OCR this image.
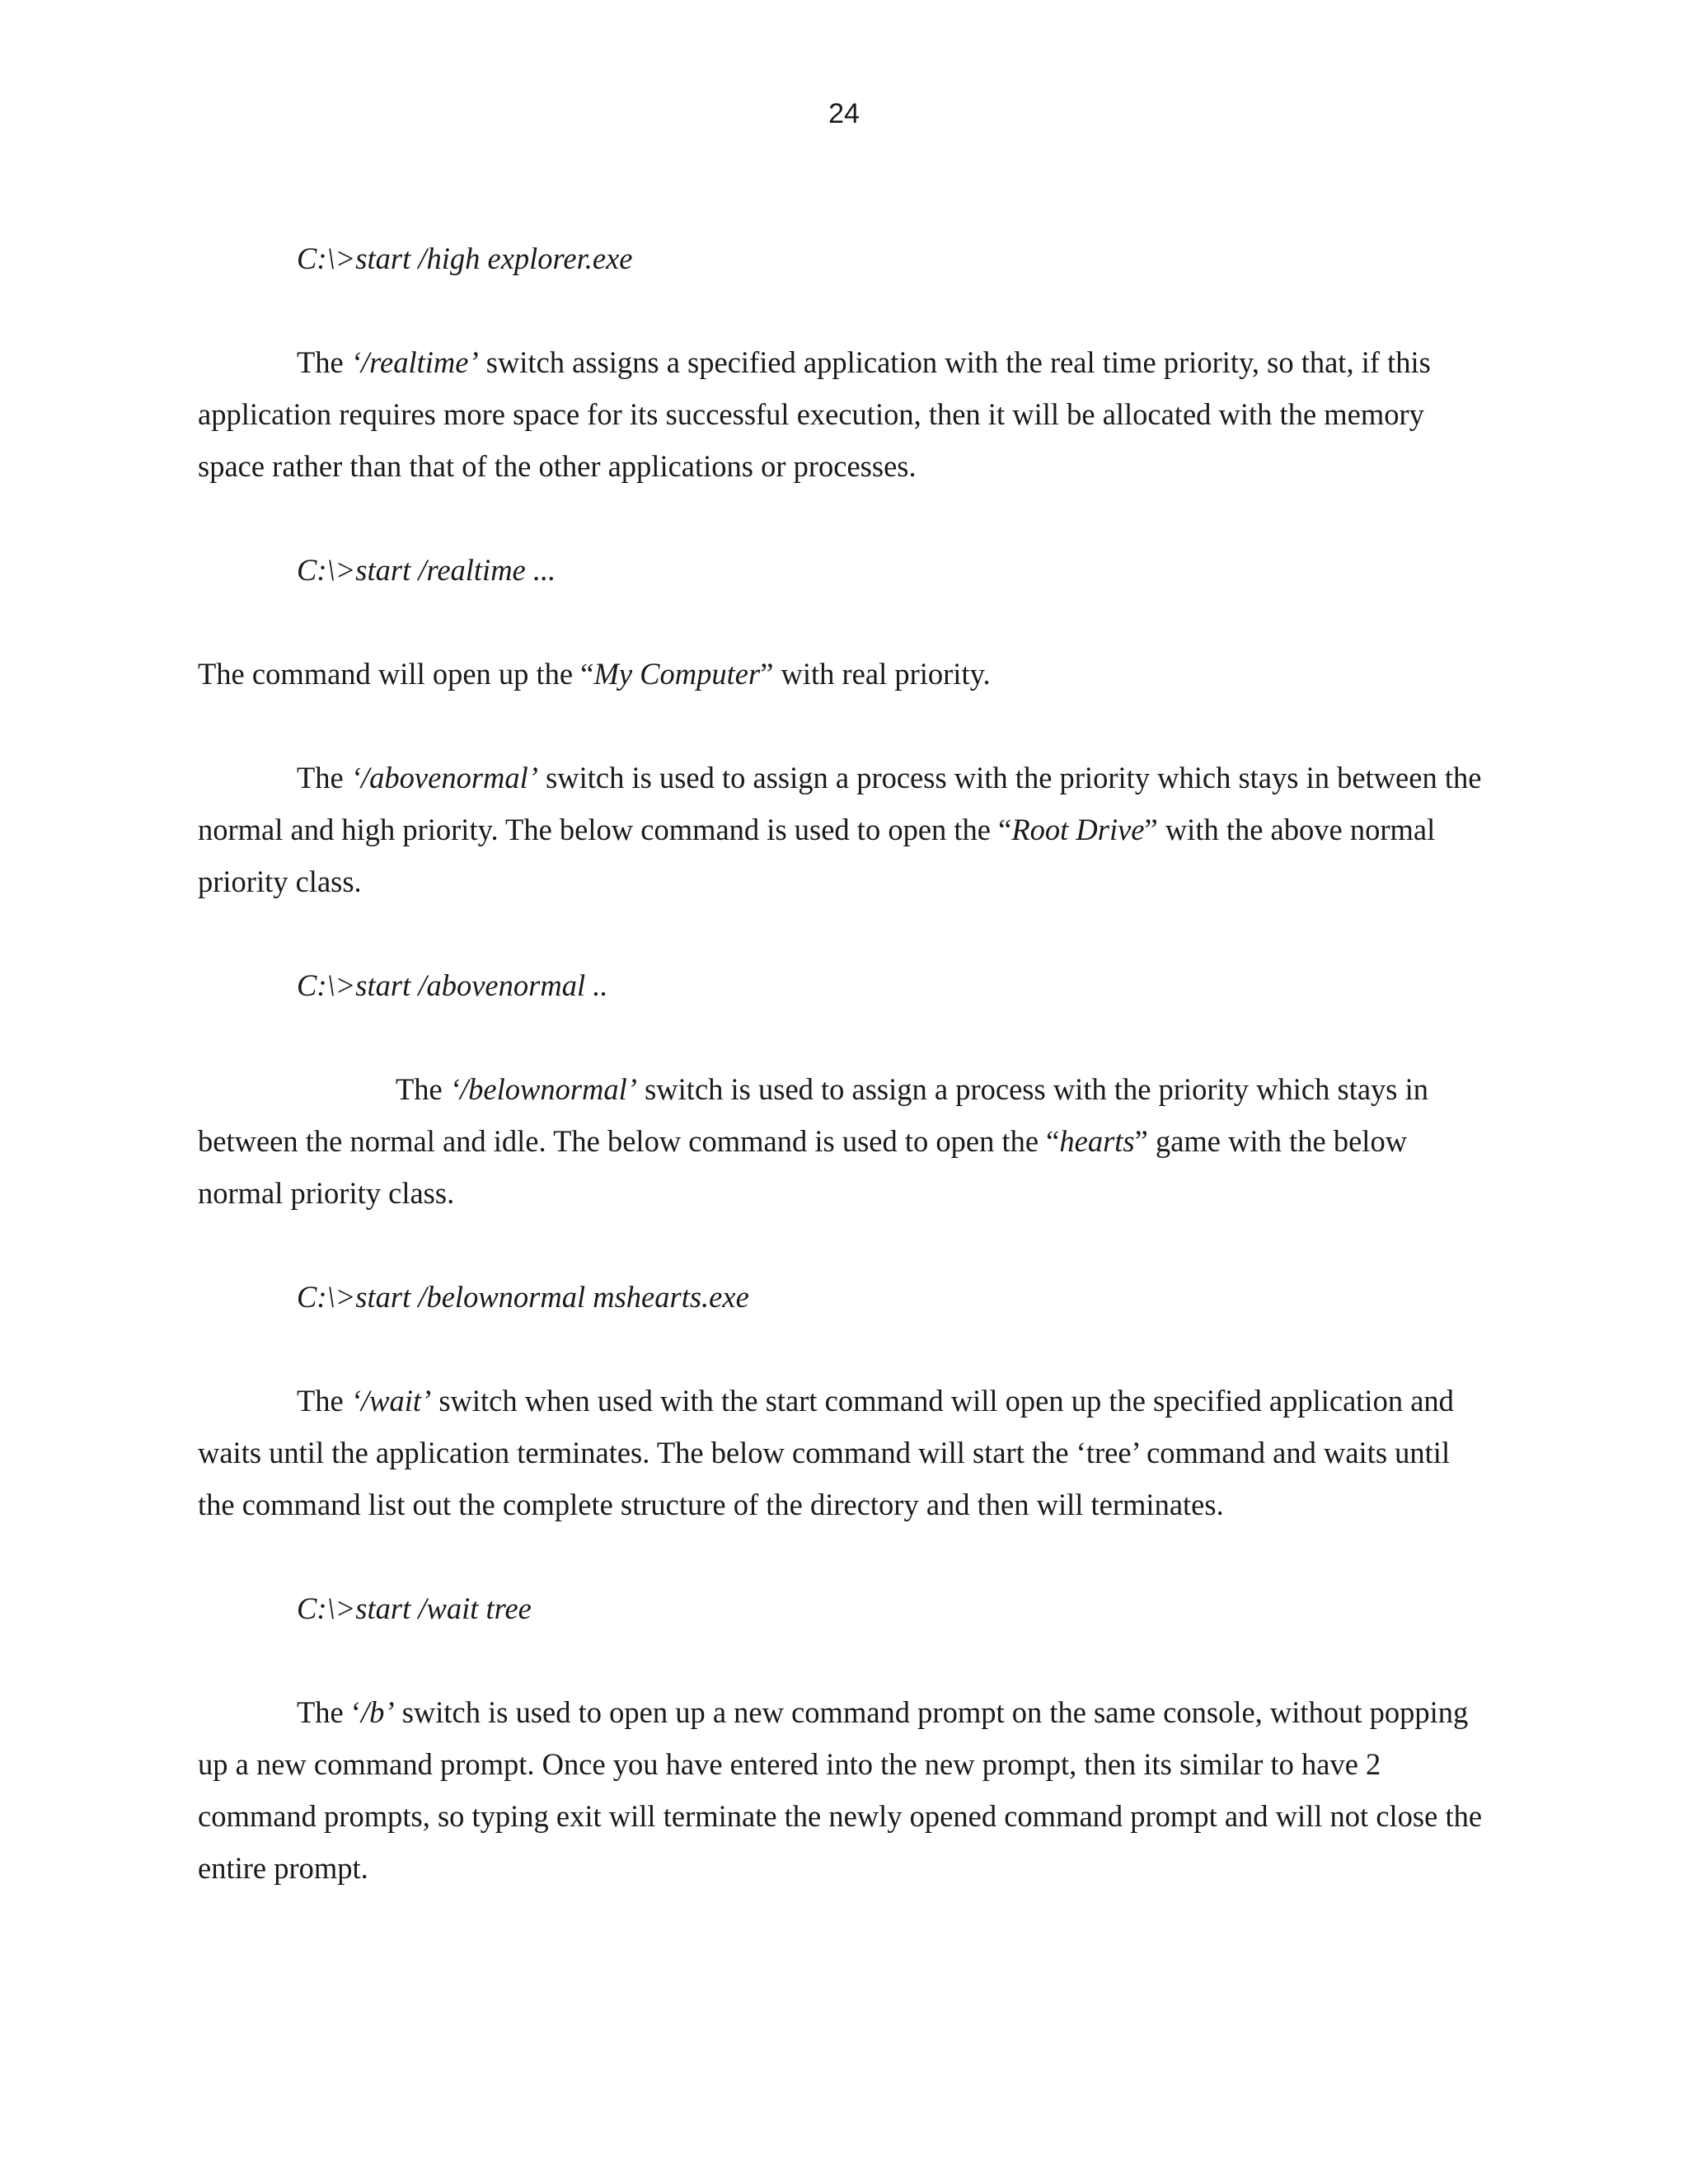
24

C:\>start /high explorer.exe

The ‘/realtime’ switch assigns a specified application with the real time priority, so that, if this application requires more space for its successful execution, then it will be allocated with the memory space rather than that of the other applications or processes.

C:\>start /realtime ...

The command will open up the “My Computer” with real priority.

The ‘/abovenormal’ switch is used to assign a process with the priority which stays in between the normal and high priority. The below command is used to open the “Root Drive” with the above normal priority class.

C:\>start /abovenormal ..

The ‘/belownormal’ switch is used to assign a process with the priority which stays in between the normal and idle. The below command is used to open the “hearts” game with the below normal priority class.

C:\>start /belownormal mshearts.exe

The ‘/wait’ switch when used with the start command will open up the specified application and waits until the application terminates. The below command will start the ‘tree’ command and waits until the command list out the complete structure of the directory and then will terminates.

C:\>start /wait tree

The ‘/b’ switch is used to open up a new command prompt on the same console, without popping up a new command prompt. Once you have entered into the new prompt, then its similar to have 2 command prompts, so typing exit will terminate the newly opened command prompt and will not close the entire prompt.
